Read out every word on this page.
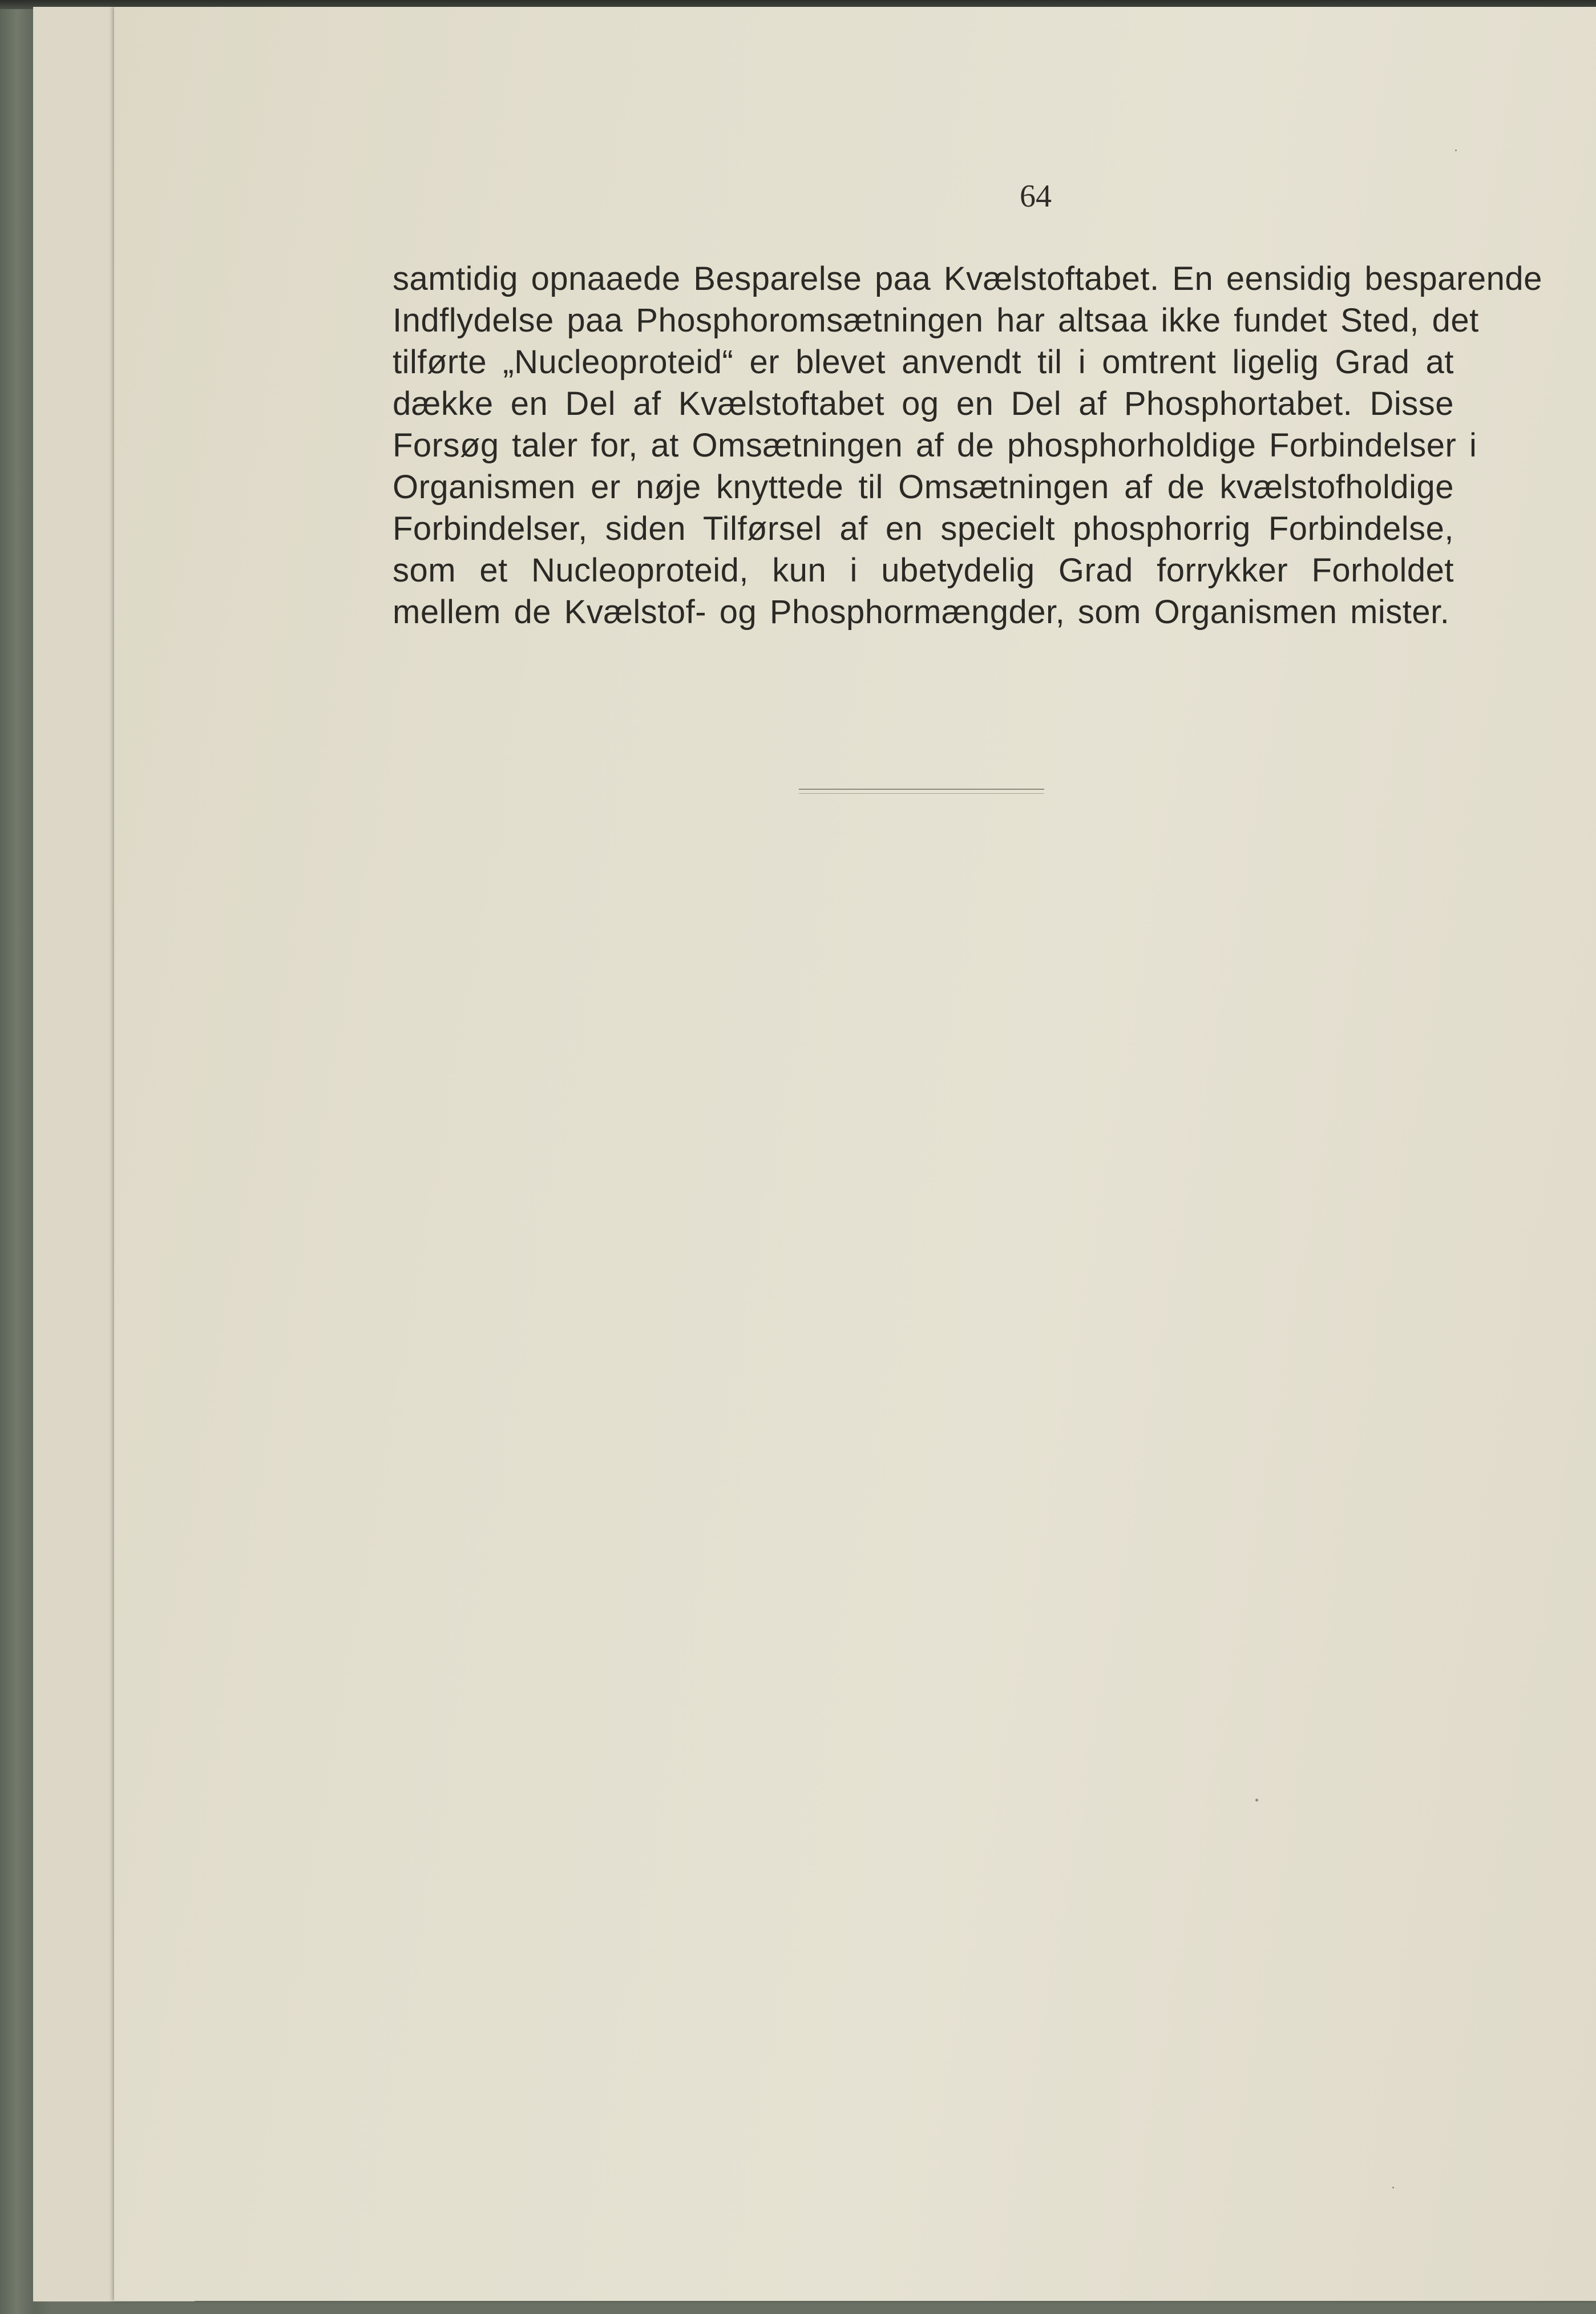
64
samtidig opnaaede Besparelse paa Kvælstoftabet. En eensidig besparende
Indflydelse paa Phosphoromsætningen har altsaa ikke fundet Sted, det
tilførte „Nucleoproteid“ er blevet anvendt til i omtrent ligelig Grad at
dække en Del af Kvælstoftabet og en Del af Phosphortabet. Disse
Forsøg taler for, at Omsætningen af de phosphorholdige Forbindelser i
Organismen er nøje knyttede til Omsætningen af de kvælstofholdige
Forbindelser, siden Tilførsel af en specielt phosphorrig Forbindelse,
som et Nucleoproteid, kun i ubetydelig Grad forrykker Forholdet
mellem de Kvælstof- og Phosphormængder, som Organismen mister.
